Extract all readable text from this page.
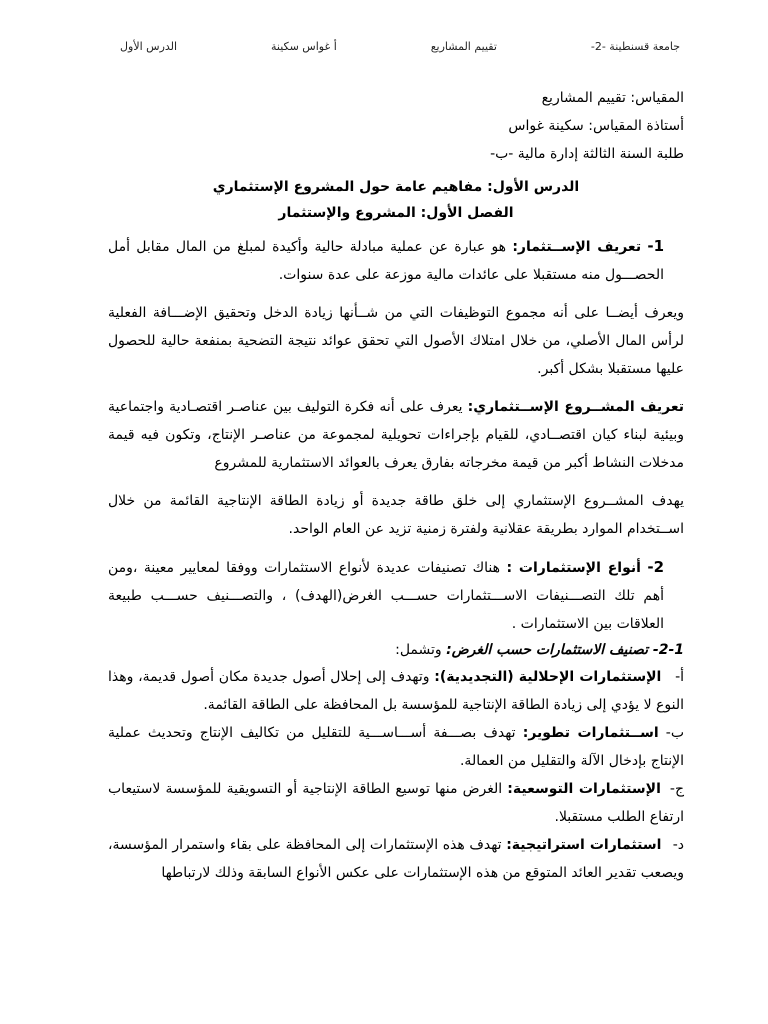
جامعة قسنطينة -2-
تقييم المشاريع
أ غواس سكينة
الدرس الأول

المقياس: تقييم المشاريع

أستاذة المقياس: سكينة غواس

طلبة السنة الثالثة إدارة مالية -ب-

الدرس الأول: مفاهيم عامة حول المشروع الإستثماري

الفصل الأول: المشروع والإستثمار

1- تعريف الإســتثمار: هو عبارة عن عملية مبادلة حالية وأكيدة لمبلغ من المال مقابل أمل الحصـــول منه مستقبلا على عائدات مالية موزعة على عدة سنوات.

ويعرف أيضــا على أنه مجموع التوظيفات التي من شــأنها زيادة الدخل وتحقيق الإضـــافة الفعلية لرأس المال الأصلي، من خلال امتلاك الأصول التي تحقق عوائد نتيجة التضحية بمنفعة حالية للحصول عليها مستقبلا بشكل أكبر.

تعريف المشــروع الإســتثماري: يعرف على أنه فكرة التوليف بين عناصـر اقتصـادية واجتماعية وبيئية لبناء كيان اقتصــادي، للقيام بإجراءات تحويلية لمجموعة من عناصـر الإنتاج، وتكون فيه قيمة مدخلات النشاط أكبر من قيمة مخرجاته بفارق يعرف بالعوائد الاستثمارية للمشروع

يهدف المشــروع الإستثماري إلى خلق طاقة جديدة أو زيادة الطاقة الإنتاجية القائمة من خلال اســتخدام الموارد بطريقة عقلانية ولفترة زمنية تزيد عن العام الواحد.

2- أنواع الإستثمارات : هناك تصنيفات عديدة لأنواع الاستثمارات ووفقا لمعايير معينة ،ومن أهم تلك التصـــنيفات الاســـتثمارات حســـب الغرض(الهدف) ، والتصـــنيف حســـب طبيعة العلاقات بين الاستثمارات .

2-1- تصنيف الاستثمارات حسب الغرض: وتشمل:

أ- الإستثمارات الإحلالية (التجديدية): وتهدف إلى إحلال أصول جديدة مكان أصول قديمة، وهذا النوع لا يؤدي إلى زيادة الطاقة الإنتاجية للمؤسسة بل المحافظة على الطاقة القائمة.

ب- اســتثمارات تطوير: تهدف بصـــفة أســـاســـية للتقليل من تكاليف الإنتاج وتحديث عملية الإنتاج بإدخال الآلة والتقليل من العمالة.

ج- الإستثمارات التوسعية: الغرض منها توسيع الطاقة الإنتاجية أو التسويقية للمؤسسة لاستيعاب ارتفاع الطلب مستقبلا.

د- استثمارات استراتيجية: تهدف هذه الإستثمارات إلى المحافظة على بقاء واستمرار المؤسسة، ويصعب تقدير العائد المتوقع من هذه الإستثمارات على عكس الأنواع السابقة وذلك لارتباطها
